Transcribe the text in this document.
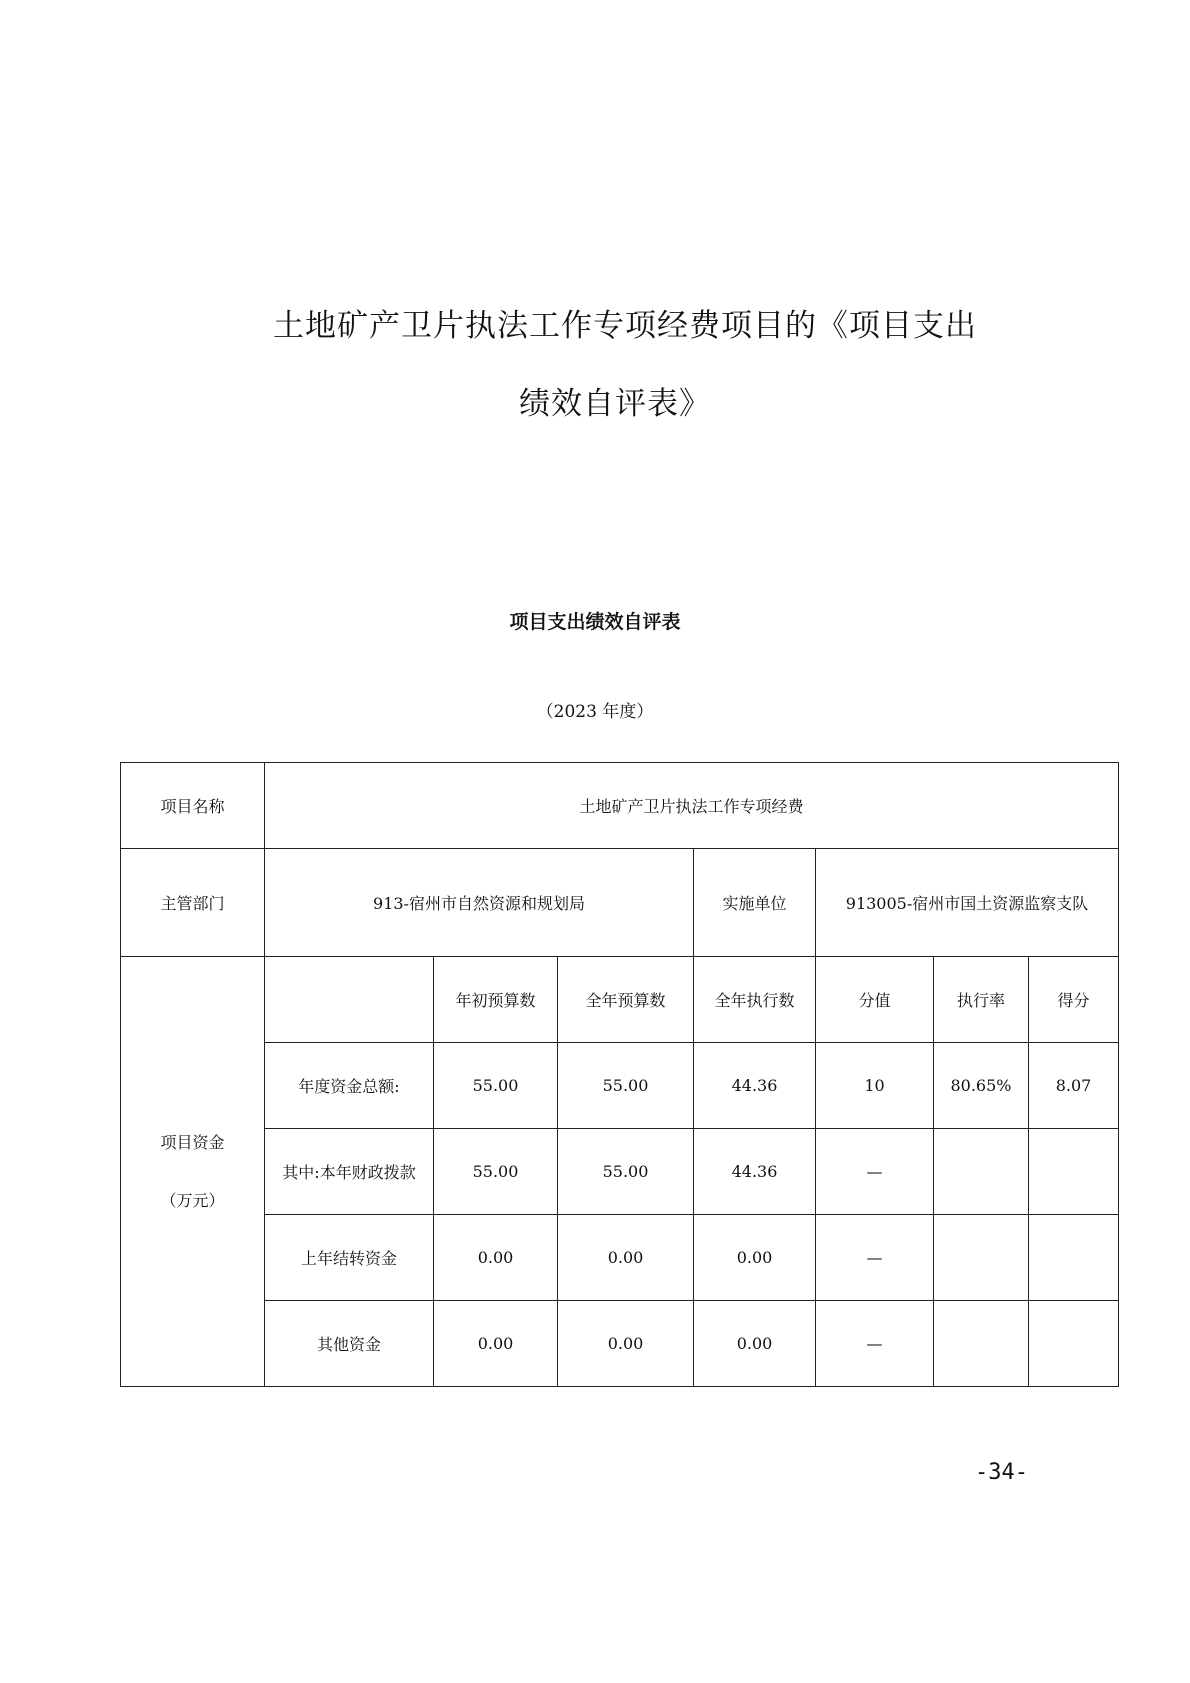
土地矿产卫片执法工作专项经费项目的《项目支出
绩效自评表》
项目支出绩效自评表
（2023 年度）
项目名称	土地矿产卫片执法工作专项经费						
主管部门	913-宿州市自然资源和规划局			实施单位	913005-宿州市国土资源监察支队		

项目资金
（万元）		年初预算数	全年预算数	全年执行数	分值	执行率	得分
	年度资金总额:	55.00	55.00	44.36	10	80.65%	8.07
	其中:本年财政拨款	55.00	55.00	44.36	—		
	上年结转资金	0.00	0.00	0.00	—		
	其他资金	0.00	0.00	0.00	—		
-34-
